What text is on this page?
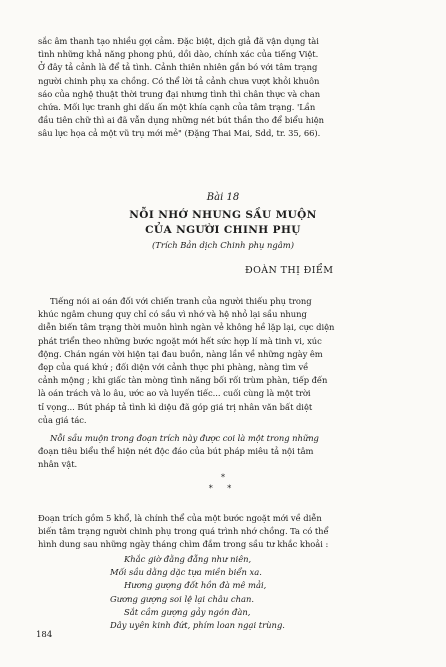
sắc âm thanh tạo nhiều gợi cảm. Đặc biệt, dịch giả đã vận dụng tài
tình những khả năng phong phú, dồi dào, chính xác của tiếng Việt.
Ở đây tả cảnh là để tả tình. Cảnh thiên nhiên gắn bó với tâm trạng
người chinh phụ xa chồng. Có thể lời tả cảnh chưa vượt khỏi khuôn
sáo của nghệ thuật thời trung đại nhưng tình thì chân thực và chan
chứa. Mối lực tranh ghi dấu ấn một khía cạnh của tâm trạng. 'Lần
đầu tiên chữ thì ai đã vẫn dụng những nét bút thần tho để biểu hiện
sâu lực họa cả một vũ trụ mới mẻ" (Đặng Thai Mai, Sdd, tr. 35, 66).
Bài 18
NỖI NHỚ NHUNG SẦU MUỘN
CỦA NGƯỜI CHINH PHỤ
(Trích Bản dịch Chinh phụ ngâm)
ĐOÀN THỊ ĐIỂM
Tiếng nói ai oán đối với chiến tranh của người thiếu phụ trong
khúc ngâm chung quy chỉ có sầu vì nhớ và hệ nhỏ lại sầu nhung
diễn biến tâm trạng thời muôn hình ngàn vẻ không hề lặp lại, cực diện
phát triển theo những bước ngoặt mới hết sức hợp lí mà tinh vi, xúc
động. Chán ngán vời hiện tại đau buồn, nàng lần về những ngày êm
đẹp của quá khứ ; đối diện với cảnh thực phi phàng, nàng tìm về
cảnh mộng ; khi giấc tàn mòng tình năng bối rối trùm phàn, tiếp đến
là oán trách và lo âu, ước ao và luyến tiếc... cuối cùng là một trời
tỉ vọng... Bút pháp tả tình kì diệu đã góp giá trị nhân văn bất diệt
của giá tác.
Nỗi sầu muộn trong đoạn trích này được coi là một trong những
đoạn tiêu biểu thể hiện nét độc đáo của bút pháp miêu tả nội tâm
nhân vật.
*
* *
Đoạn trích gồm 5 khổ, là chính thể của một bước ngoặt mới về diễn
biến tâm trạng người chinh phụ trong quá trình nhớ chồng. Ta có thể
hình dung sau những ngày tháng chìm đắm trong sầu tư khắc khoải :
Khắc giờ đằng đẵng như niên,
Mối sầu dằng dặc tựa miền biển xa.
Hương gượng đốt hồn đà mê mải,
Gương gượng soi lệ lại châu chan.
Sắt cầm gượng gảy ngón đàn,
Dây uyên kinh đứt, phím loan ngại trùng.
184
